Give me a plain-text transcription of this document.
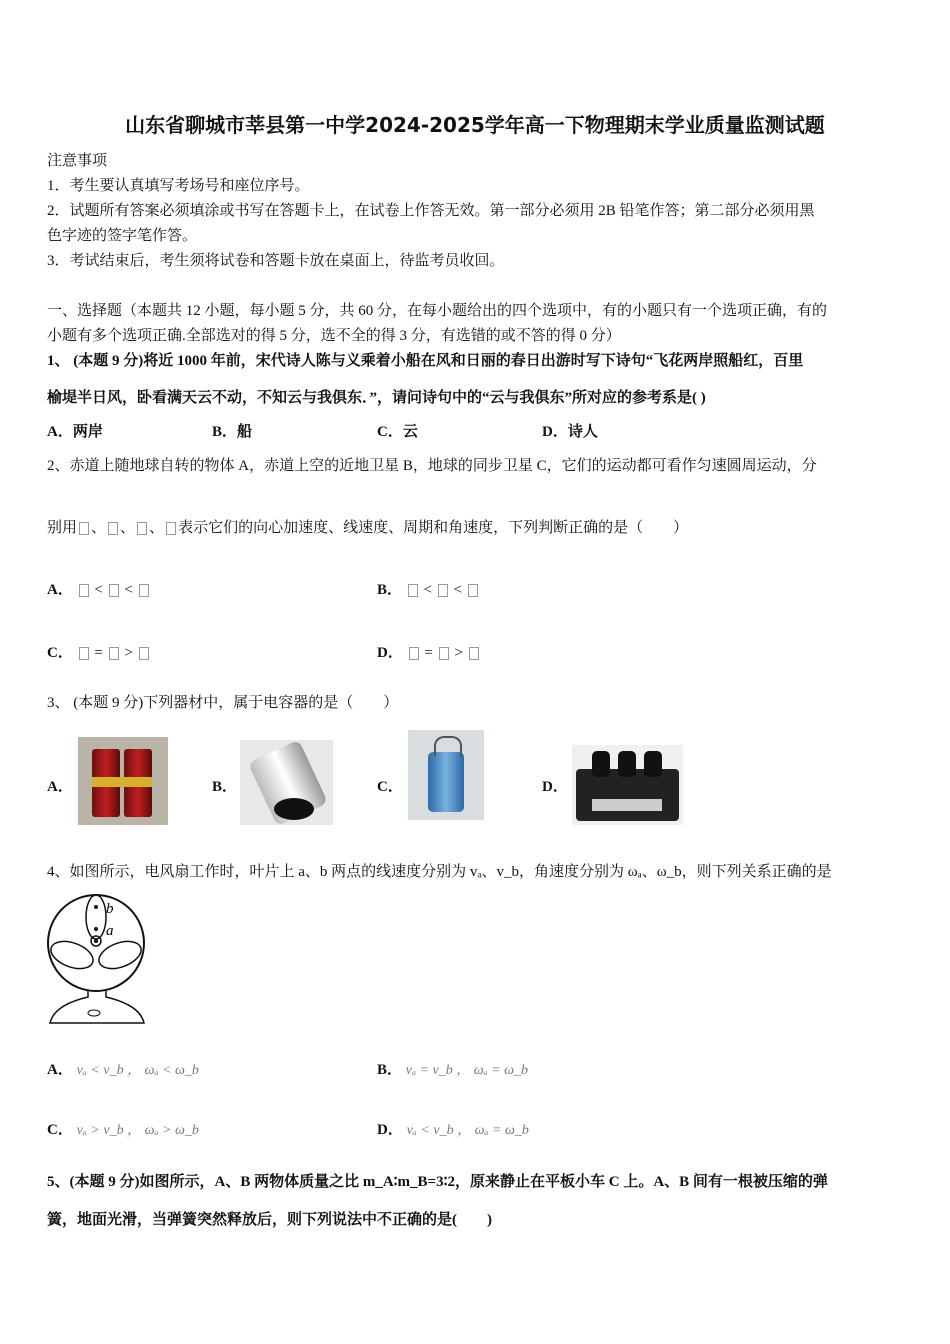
山东省聊城市莘县第一中学2024-2025学年高一下物理期末学业质量监测试题
注意事项
1．考生要认真填写考场号和座位序号。
2．试题所有答案必须填涂或书写在答题卡上，在试卷上作答无效。第一部分必须用 2B 铅笔作答；第二部分必须用黑
色字迹的签字笔作答。
3．考试结束后，考生须将试卷和答题卡放在桌面上，待监考员收回。
一、选择题（本题共 12 小题，每小题 5 分，共 60 分，在每小题给出的四个选项中，有的小题只有一个选项正确，有的
小题有多个选项正确.全部选对的得 5 分，选不全的得 3 分，有选错的或不答的得 0 分）
1、 (本题 9 分)将近 1000 年前，宋代诗人陈与义乘着小船在风和日丽的春日出游时写下诗句“飞花两岸照船红，百里
榆堤半日风，卧看满天云不动，不知云与我俱东．”，请问诗句中的“云与我俱东”所对应的参考系是( )
A．两岸	B．船	C．云	D．诗人
2、赤道上随地球自转的物体 A，赤道上空的近地卫星 B，地球的同步卫星 C，它们的运动都可看作匀速圆周运动，分
别用 、 、 、 表示它们的向心加速度、线速度、周期和角速度，下列判断正确的是（　　）
A． < <	B． < <
C． = >	D． = >
3、 (本题 9 分)下列器材中，属于电容器的是（　　）
A．	B．	C．	D．
4、如图所示，电风扇工作时，叶片上 a、b 两点的线速度分别为 vₐ、v_b，角速度分别为 ωₐ、ω_b，则下列关系正确的是
b
a
A． vₐ < v_b ， ωₐ < ω_b	B． vₐ = v_b ， ωₐ = ω_b
C． vₐ > v_b ， ωₐ > ω_b	D． vₐ < v_b ， ωₐ = ω_b
5、(本题 9 分)如图所示，A、B 两物体质量之比 m_A∶m_B=3∶2，原来静止在平板小车 C 上。A、B 间有一根被压缩的弹
簧，地面光滑，当弹簧突然释放后，则下列说法中不正确的是(　　)
